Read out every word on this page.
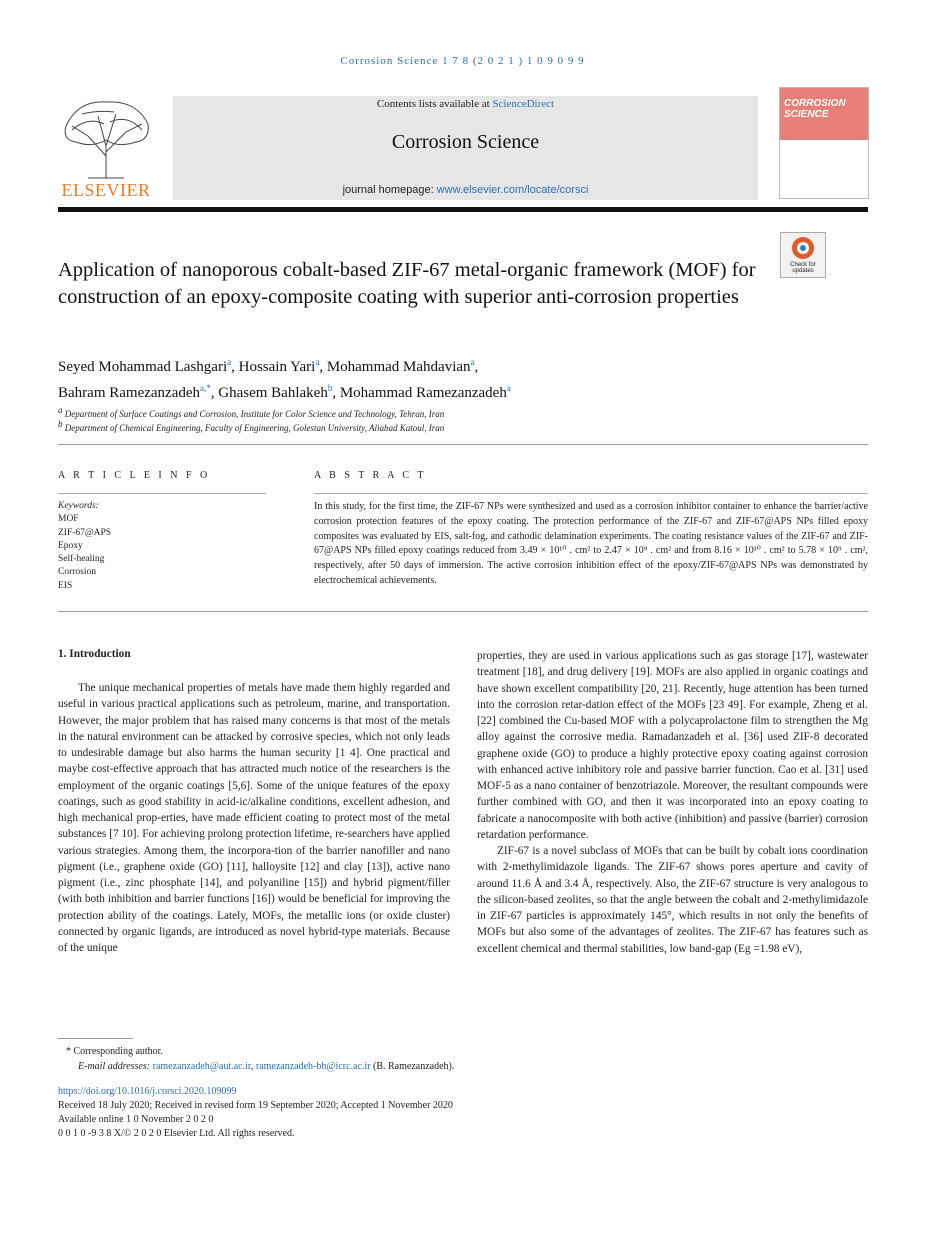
Corrosion Science 1 7 8 (2 0 2 1 ) 1 0 9 0 9 9
ELSEVIER
Contents lists available at ScienceDirect
Corrosion Science
journal homepage: www.elsevier.com/locate/corsci
CORROSION SCIENCE
Check for updates
Application of nanoporous cobalt-based ZIF-67 metal-organic framework (MOF) for construction of an epoxy-composite coating with superior anti-corrosion properties
Seyed Mohammad Lashgari$^a$, Hossain Yari$^a$, Mohammad Mahdavian$^a$,
Bahram Ramezanzadeh$^{a,*}$, Ghasem Bahlakeh$^b$, Mohammad Ramezanzadeh$^a$
$^a$ Department of Surface Coatings and Corrosion, Institute for Color Science and Technology, Tehran, Iran
$^b$ Department of Chemical Engineering, Faculty of Engineering, Golestan University, Aliabad Katoul, Iran
A R T I C L E I N F O	A B S T R A C T
Keywords:
MOF
ZIF-67@APS
Epoxy
Self-healing
Corrosion
EIS
In this study, for the first time, the ZIF-67 NPs were synthesized and used as a corrosion inhibitor container to enhance the barrier/active corrosion protection features of the epoxy coating. The protection performance of the ZIF-67 and ZIF-67@APS NPs filled epoxy composites was evaluated by EIS, salt-fog, and cathodic delamination experiments. The coating resistance values of the ZIF-67 and ZIF-67@APS NPs filled epoxy coatings reduced from 3.49 × 10¹⁰ . cm² to 2.47 × 10⁹ . cm² and from 8.16 × 10¹⁰ . cm² to 5.78 × 10⁹ . cm², respectively, after 50 days of immersion. The active corrosion inhibition effect of the epoxy/ZIF-67@APS NPs was demonstrated by electrochemical achievements.
1. Introduction

The unique mechanical properties of metals have made them highly regarded and useful in various practical applications such as petroleum, marine, and transportation. However, the major problem that has raised many concerns is that most of the metals in the natural environment can be attacked by corrosive species, which not only leads to undesirable damage but also harms the human security [1 4]. One practical and maybe cost-effective approach that has attracted much notice of the researchers is the employment of the organic coatings [5,6]. Some of the unique features of the epoxy coatings, such as good stability in acid-ic/alkaline conditions, excellent adhesion, and high mechanical prop-erties, have made efficient coating to protect most of the metal substances [7 10]. For achieving prolong protection lifetime, re-searchers have applied various strategies. Among them, the incorpora-tion of the barrier nanofiller and nano pigment (i.e., graphene oxide (GO) [11], halloysite [12] and clay [13]), active nano pigment (i.e., zinc phosphate [14], and polyaniline [15]) and hybrid pigment/filler (with both inhibition and barrier functions [16]) would be beneficial for improving the protection ability of the coatings. Lately, MOFs, the metallic ions (or oxide cluster) connected by organic ligands, are introduced as novel hybrid-type materials. Because of the unique

properties, they are used in various applications such as gas storage [17], wastewater treatment [18], and drug delivery [19]. MOFs are also applied in organic coatings and have shown excellent compatibility [20, 21]. Recently, huge attention has been turned into the corrosion retar-dation effect of the MOFs [23 49]. For example, Zheng et al. [22] combined the Cu-based MOF with a polycaprolactone film to strengthen the Mg alloy against the corrosive media. Ramadanzadeh et al. [36] used ZIF-8 decorated graphene oxide (GO) to produce a highly protective epoxy coating against corrosion with enhanced active inhibitory role and passive barrier function. Cao et al. [31] used MOF-5 as a nano container of benzotriazole. Moreover, the resultant compounds were further combined with GO, and then it was incorporated into an epoxy coating to fabricate a nanocomposite with both active (inhibition) and passive (barrier) corrosion retardation performance.

ZIF-67 is a novel subclass of MOFs that can be built by cobalt ions coordination with 2-methylimidazole ligands. The ZIF-67 shows pores aperture and cavity of around 11.6 Å and 3.4 Å, respectively. Also, the ZIF-67 structure is very analogous to the silicon-based zeolites, so that the angle between the cobalt and 2-methylimidazole in ZIF-67 particles is approximately 145°, which results in not only the benefits of MOFs but also some of the advantages of zeolites. The ZIF-67 has features such as excellent chemical and thermal stabilities, low band-gap (Eg =1.98 eV),

* Corresponding author.
E-mail addresses: ramezanzadeh@aut.ac.ir, ramezanzadeh-bh@icrc.ac.ir (B. Ramezanzadeh).
https://doi.org/10.1016/j.corsci.2020.109099
Received 18 July 2020; Received in revised form 19 September 2020; Accepted 1 November 2020
Available online 1 0 November 2 0 2 0
0 0 1 0 -9 3 8 X/© 2 0 2 0 Elsevier Ltd. All rights reserved.
